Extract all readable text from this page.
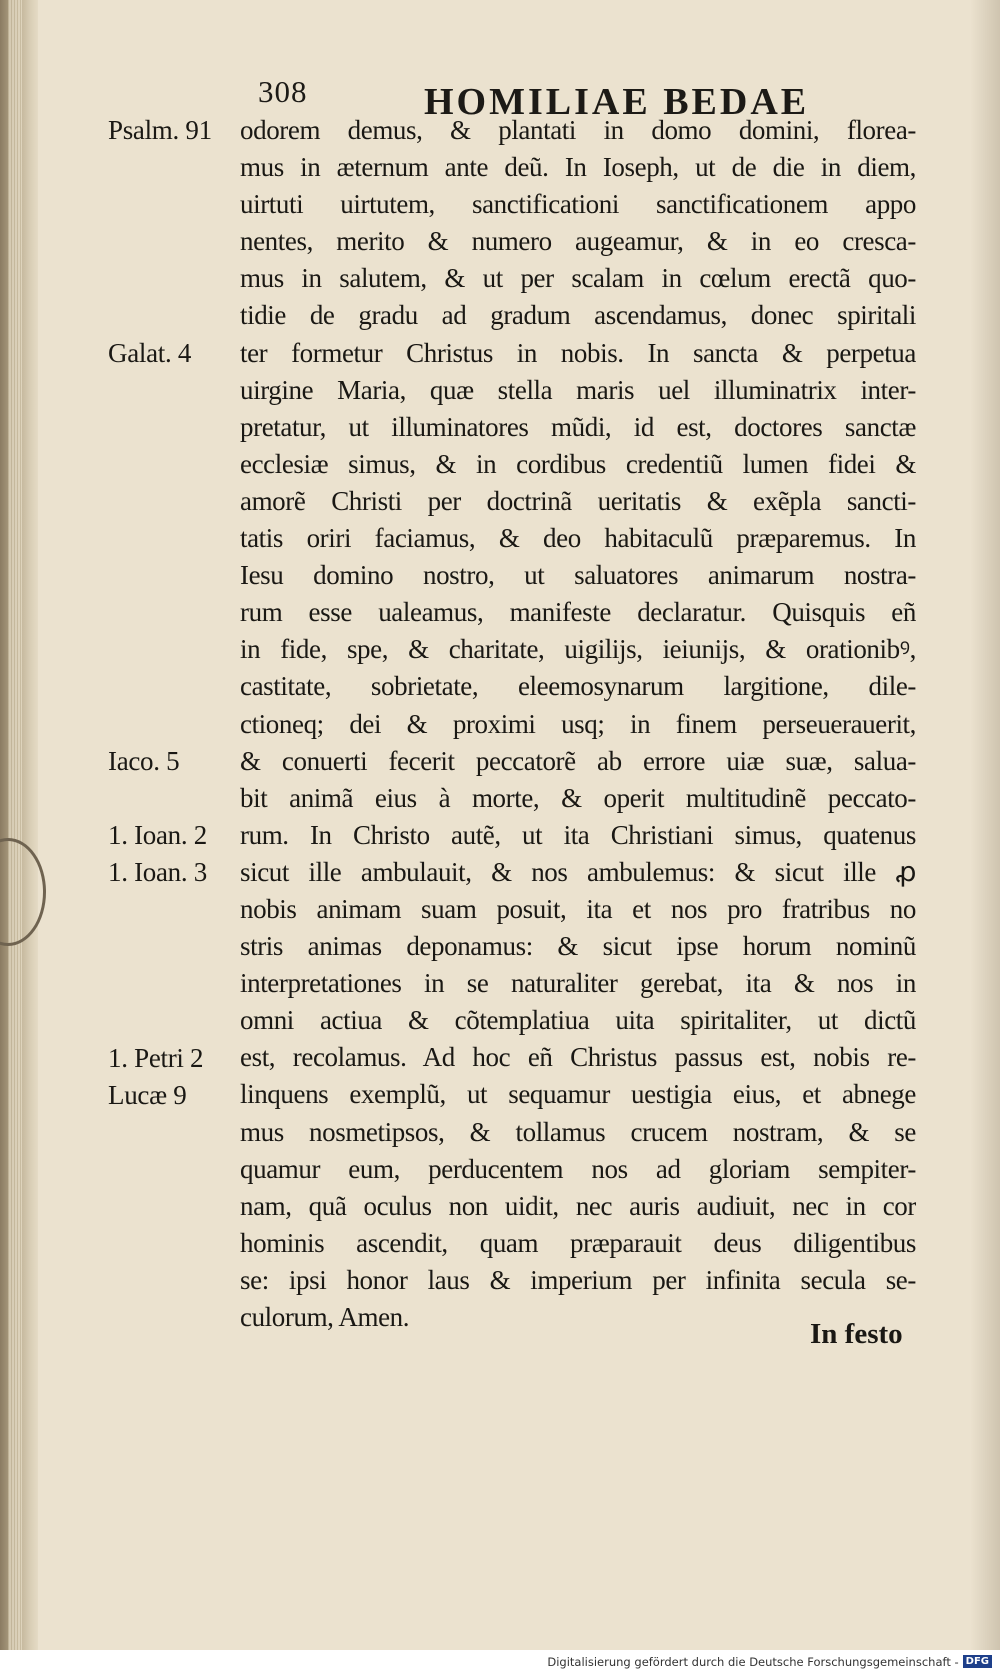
308	HOMILIAE BEDAE
odorem demus, & plantati in domo domini, florea-
mus in æternum ante deũ. In Ioseph, ut de die in diem,
uirtuti uirtutem, sanctificationi sanctificationem appo
nentes, merito & numero augeamur, & in eo cresca-
mus in salutem, & ut per scalam in cœlum erectã quo-
tidie de gradu ad gradum ascendamus, donec spiritali
ter formetur Christus in nobis. In sancta & perpetua
uirgine Maria, quæ stella maris uel illuminatrix inter-
pretatur, ut illuminatores mũdi, id est, doctores sanctæ
ecclesiæ simus, & in cordibus credentiũ lumen fidei &
amorẽ Christi per doctrinã ueritatis & exẽpla sancti-
tatis oriri faciamus, & deo habitaculũ præparemus. In
Iesu domino nostro, ut saluatores animarum nostra-
rum esse ualeamus, manifeste declaratur. Quisquis eñ
in fide, spe, & charitate, uigilijs, ieiunijs, & orationibꝰ,
castitate, sobrietate, eleemosynarum largitione, dile-
ctioneq; dei & proximi usq; in finem perseuerauerit,
& conuerti fecerit peccatorẽ ab errore uiæ suæ, salua-
bit animã eius à morte, & operit multitudinẽ peccato-
rum. In Christo autẽ, ut ita Christiani simus, quatenus
sicut ille ambulauit, & nos ambulemus: & sicut ille ꝓ
nobis animam suam posuit, ita et nos pro fratribus no
stris animas deponamus: & sicut ipse horum nominũ
interpretationes in se naturaliter gerebat, ita & nos in
omni actiua & cõtemplatiua uita spiritaliter, ut dictũ
est, recolamus. Ad hoc eñ Christus passus est, nobis re-
linquens exemplũ, ut sequamur uestigia eius, et abnege
mus nosmetipsos, & tollamus crucem nostram, & se
quamur eum, perducentem nos ad gloriam sempiter-
nam, quã oculus non uidit, nec auris audiuit, nec in cor
hominis ascendit, quam præparauit deus diligentibus
se: ipsi honor laus & imperium per infinita secula se-
culorum, Amen.
Psalm. 91
Galat. 4
Iaco. 5
1. Ioan. 2
1. Ioan. 3
1. Petri 2
Lucæ 9
In festo
Digitalisierung gefördert durch die Deutsche Forschungsgemeinschaft - DFG
